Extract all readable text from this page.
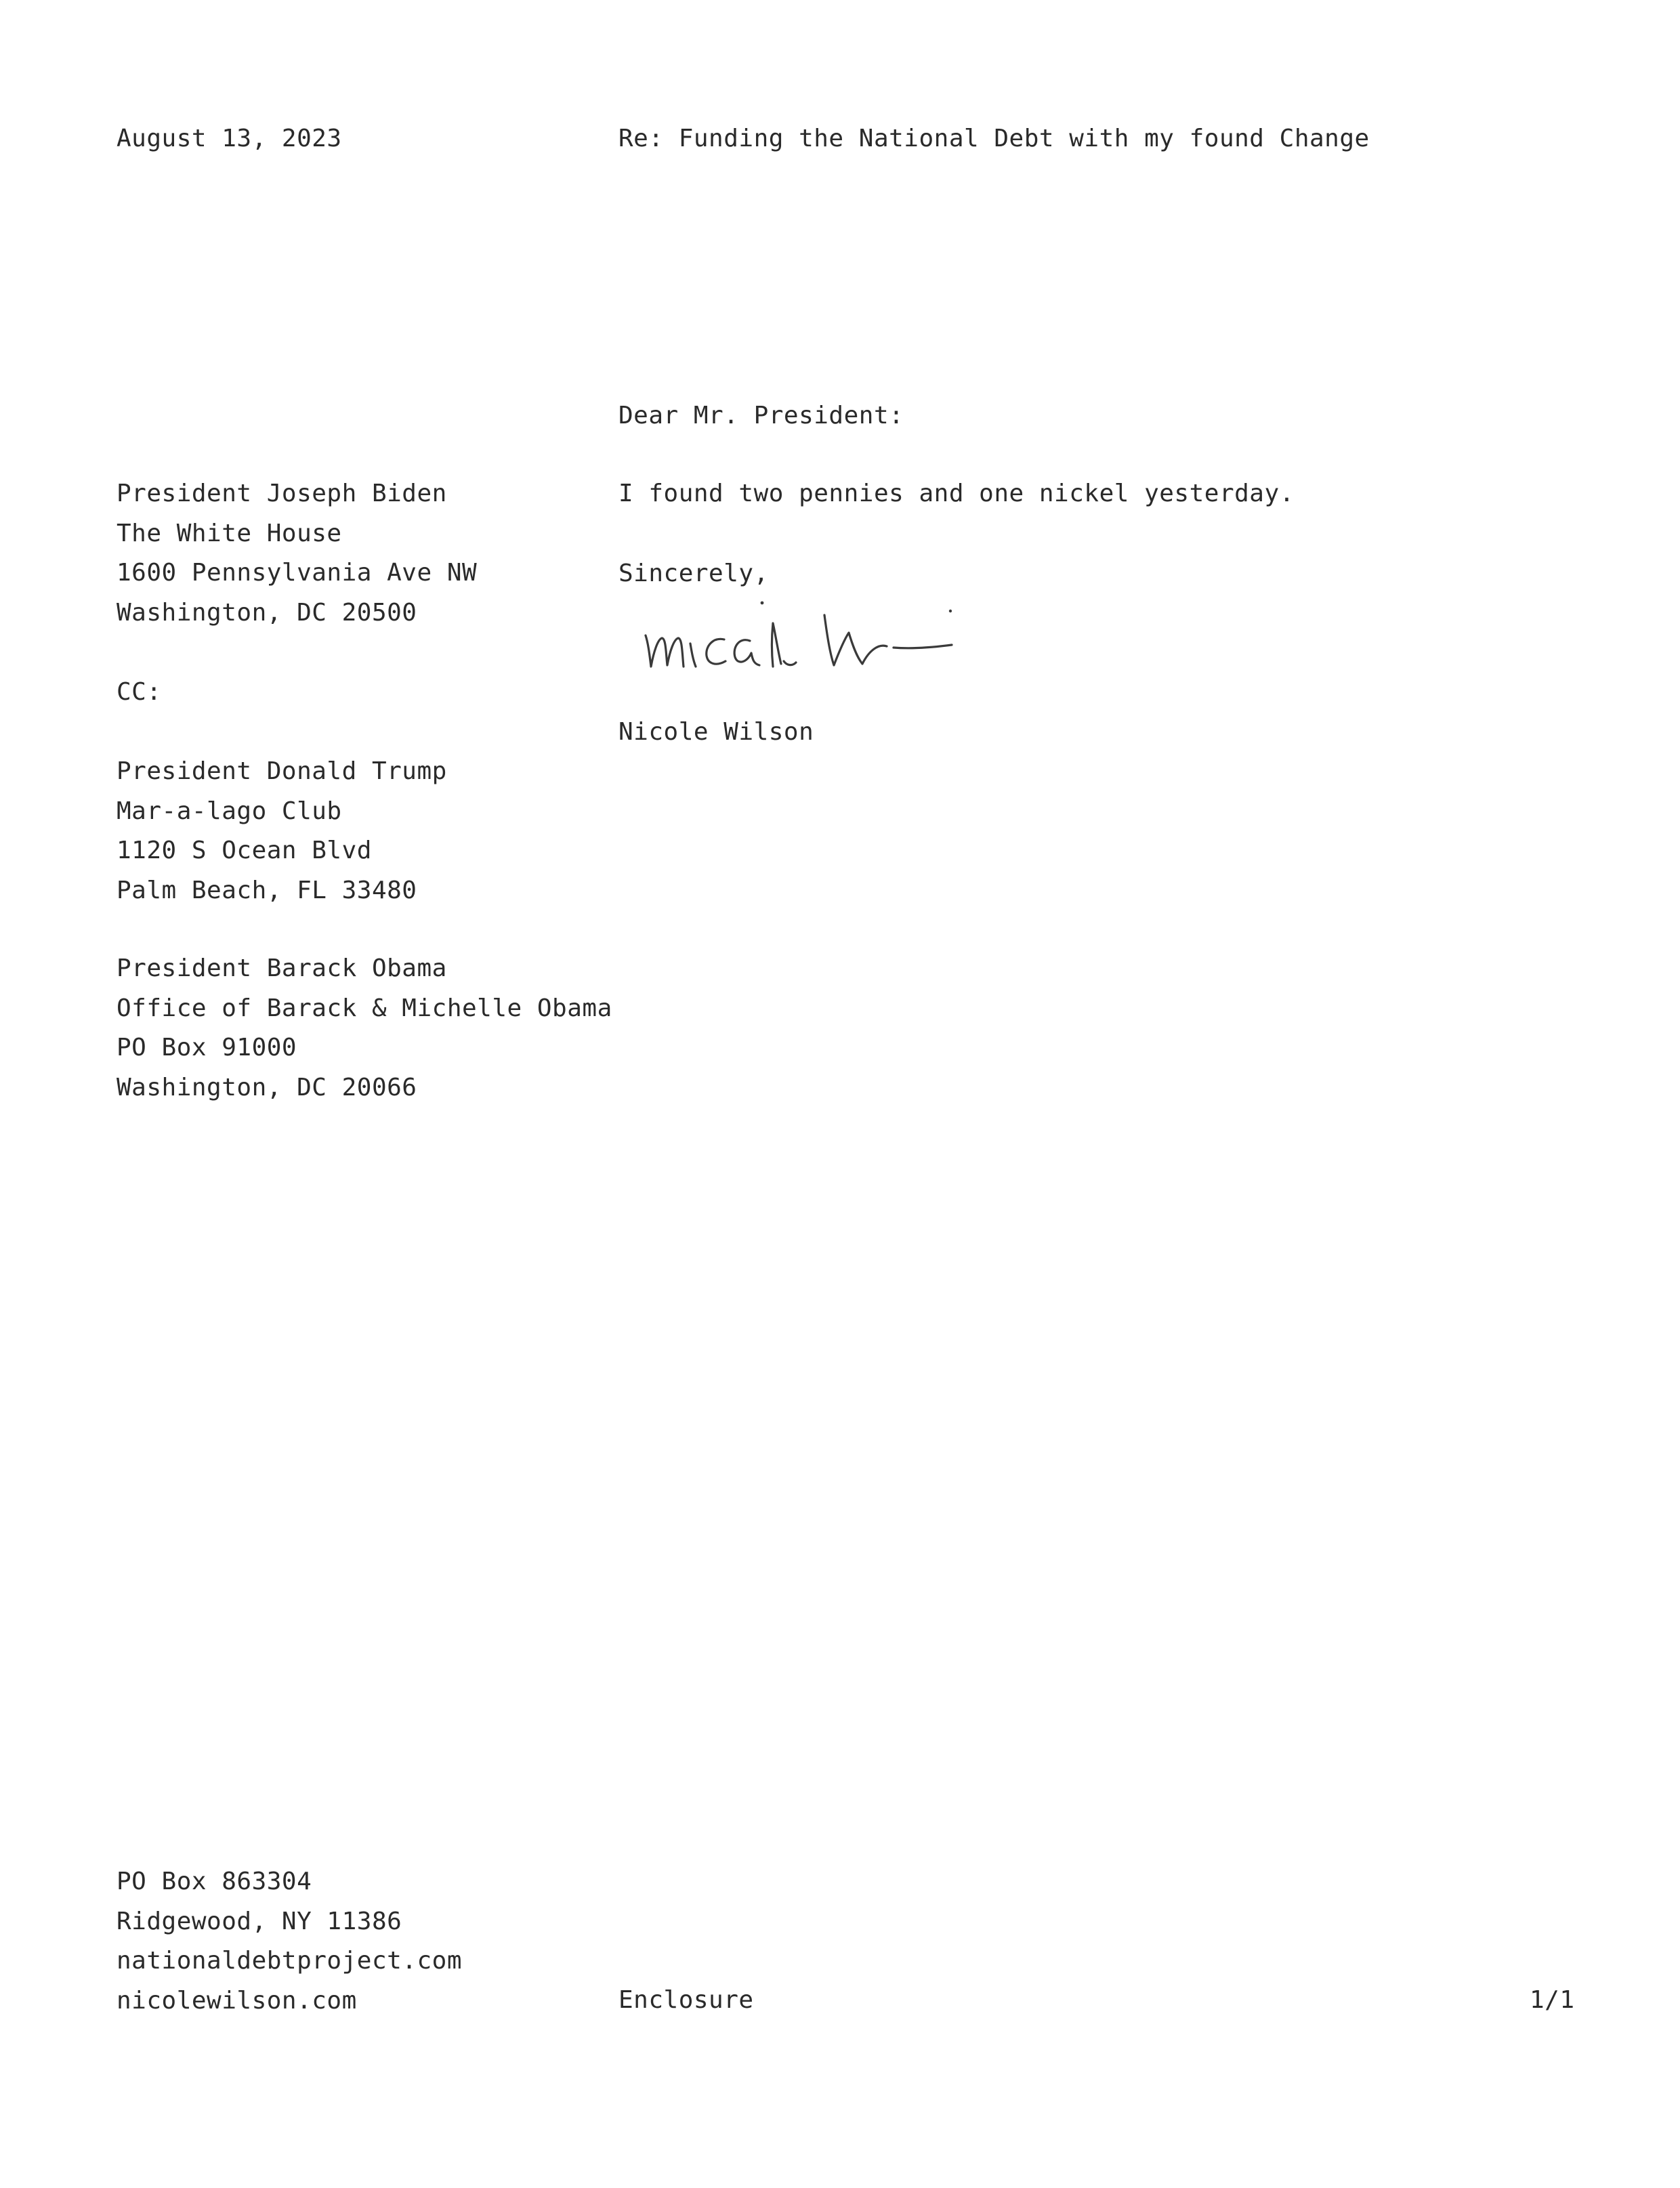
August 13, 2023	Re: Funding the National Debt with my found Change
Dear Mr. President:
President Joseph Biden
The White House
1600 Pennsylvania Ave NW
Washington, DC 20500
I found two pennies and one nickel yesterday.
Sincerely,
Nicole Wilson
CC:
President Donald Trump
Mar-a-lago Club
1120 S Ocean Blvd
Palm Beach, FL 33480
President Barack Obama
Office of Barack & Michelle Obama
PO Box 91000
Washington, DC 20066
PO Box 863304
Ridgewood, NY 11386
nationaldebtproject.com
nicolewilson.com	Enclosure	1/1
